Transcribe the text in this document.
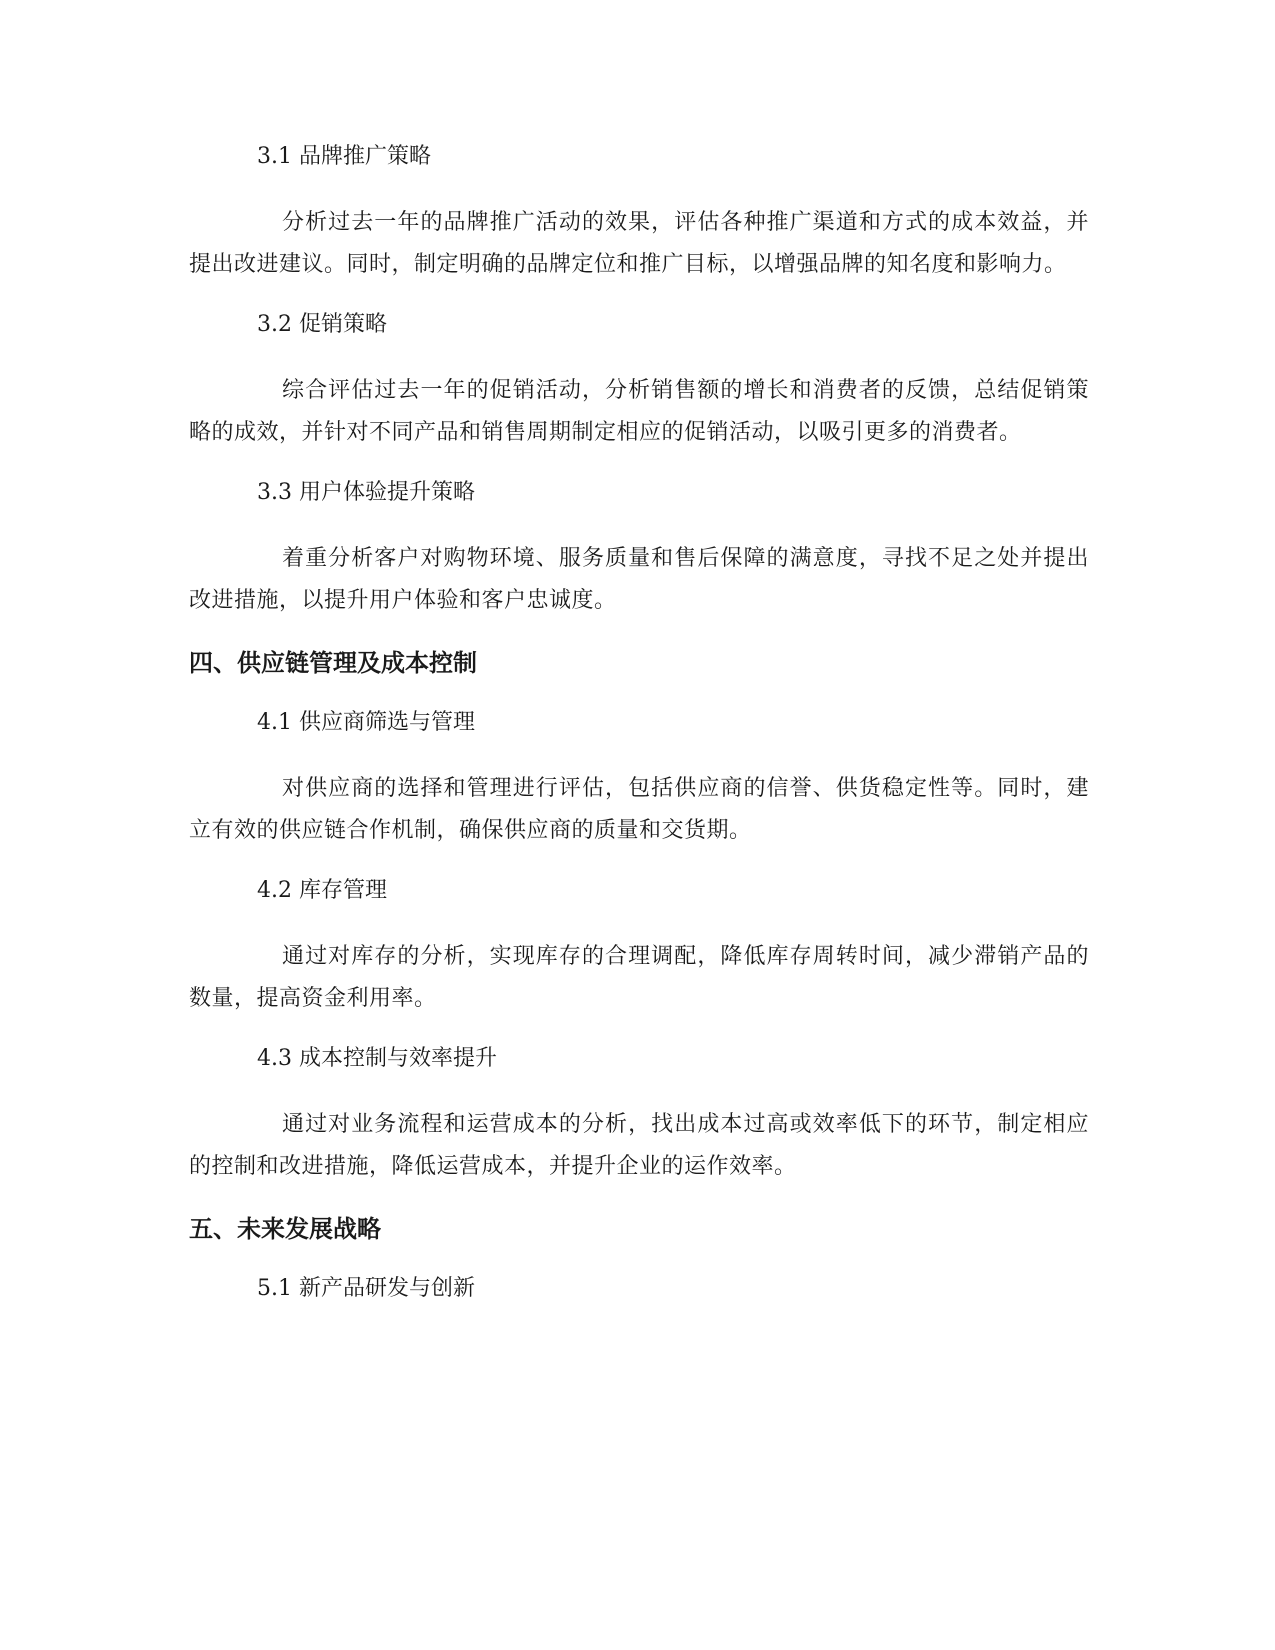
3.1 品牌推广策略

分析过去一年的品牌推广活动的效果，评估各种推广渠道和方式的成本效益，并提出改进建议。同时，制定明确的品牌定位和推广目标，以增强品牌的知名度和影响力。

3.2 促销策略

综合评估过去一年的促销活动，分析销售额的增长和消费者的反馈，总结促销策略的成效，并针对不同产品和销售周期制定相应的促销活动，以吸引更多的消费者。

3.3 用户体验提升策略

着重分析客户对购物环境、服务质量和售后保障的满意度，寻找不足之处并提出改进措施，以提升用户体验和客户忠诚度。

四、供应链管理及成本控制
4.1 供应商筛选与管理

对供应商的选择和管理进行评估，包括供应商的信誉、供货稳定性等。同时，建立有效的供应链合作机制，确保供应商的质量和交货期。

4.2 库存管理

通过对库存的分析，实现库存的合理调配，降低库存周转时间，减少滞销产品的数量，提高资金利用率。

4.3 成本控制与效率提升

通过对业务流程和运营成本的分析，找出成本过高或效率低下的环节，制定相应的控制和改进措施，降低运营成本，并提升企业的运作效率。

五、未来发展战略
5.1 新产品研发与创新
